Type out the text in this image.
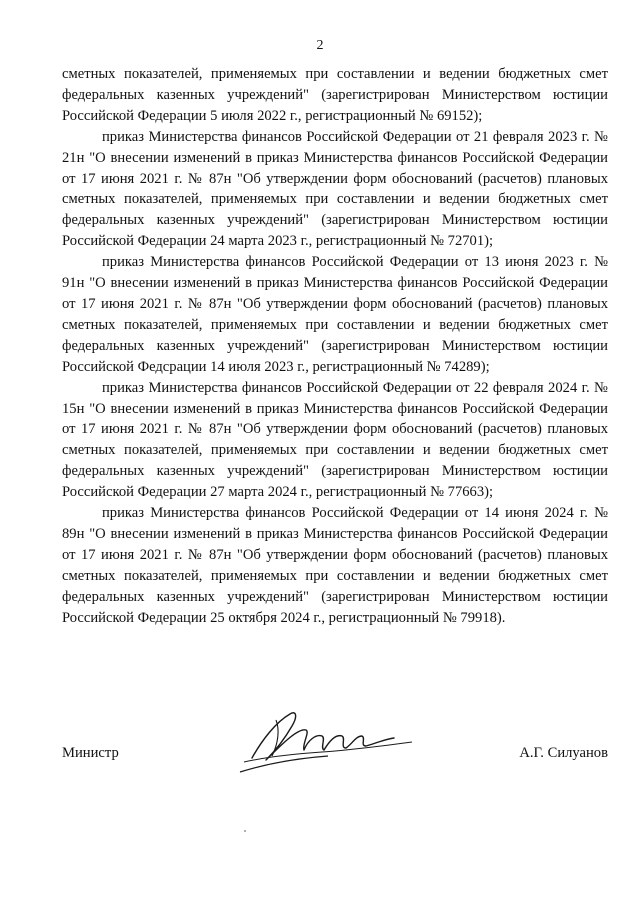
2

сметных показателей, применяемых при составлении и ведении бюджетных смет федеральных казенных учреждений" (зарегистрирован Министерством юстиции Российской Федерации 5 июля 2022 г., регистрационный № 69152);

приказ Министерства финансов Российской Федерации от 21 февраля 2023 г. № 21н "О внесении изменений в приказ Министерства финансов Российской Федерации от 17 июня 2021 г. № 87н "Об утверждении форм обоснований (расчетов) плановых сметных показателей, применяемых при составлении и ведении бюджетных смет федеральных казенных учреждений" (зарегистрирован Министерством юстиции Российской Федерации 24 марта 2023 г., регистрационный № 72701);

приказ Министерства финансов Российской Федерации от 13 июня 2023 г. № 91н "О внесении изменений в приказ Министерства финансов Российской Федерации от 17 июня 2021 г. № 87н "Об утверждении форм обоснований (расчетов) плановых сметных показателей, применяемых при составлении и ведении бюджетных смет федеральных казенных учреждений" (зарегистрирован Министерством юстиции Российской Федсрации 14 июля 2023 г., регистрационный № 74289);

приказ Министерства финансов Российской Федерации от 22 февраля 2024 г. № 15н "О внесении изменений в приказ Министерства финансов Российской Федерации от 17 июня 2021 г. № 87н "Об утверждении форм обоснований (расчетов) плановых сметных показателей, применяемых при составлении и ведении бюджетных смет федеральных казенных учреждений" (зарегистрирован Министерством юстиции Российской Федерации 27 марта 2024 г., регистрационный № 77663);

приказ Министерства финансов Российской Федерации от 14 июня 2024 г. № 89н "О внесении изменений в приказ Министерства финансов Российской Федерации от 17 июня 2021 г. № 87н "Об утверждении форм обоснований (расчетов) плановых сметных показателей, применяемых при составлении и ведении бюджетных смет федеральных казенных учреждений" (зарегистрирован Министерством юстиции Российской Федерации 25 октября 2024 г., регистрационный № 79918).

Министр	А.Г. Силуанов
